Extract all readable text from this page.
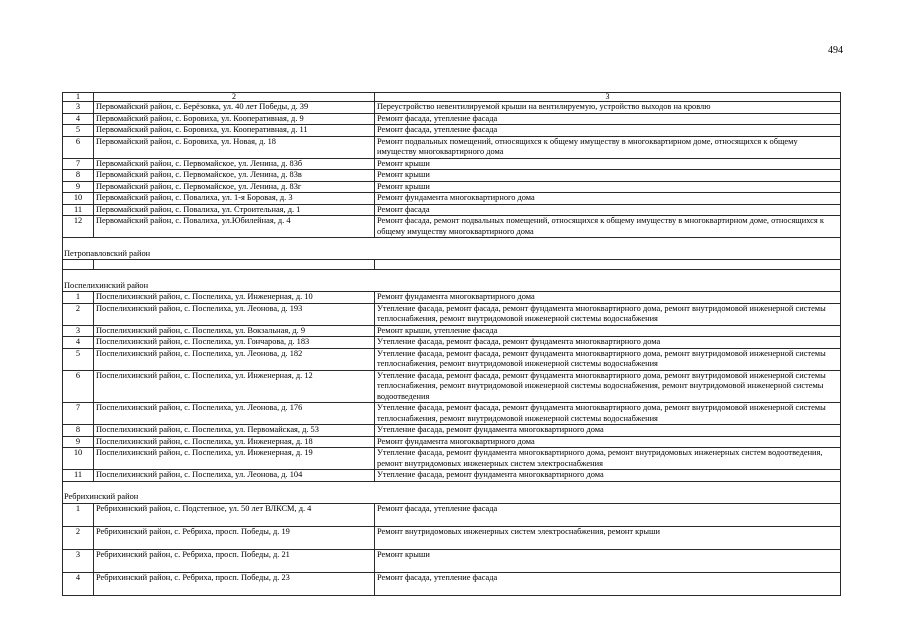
494
1	2	3
3	Первомайский район, с. Берёзовка, ул. 40 лет Победы, д. 39	Переустройство невентилируемой крыши на вентилируемую, устройство выходов на кровлю
4	Первомайский район, с. Боровиха, ул. Кооперативная, д. 9	Ремонт фасада, утепление фасада
5	Первомайский район, с. Боровиха, ул. Кооперативная, д. 11	Ремонт фасада, утепление фасада
6	Первомайский район, с. Боровиха, ул. Новая, д. 18	Ремонт подвальных помещений, относящихся к общему имуществу в многоквартирном доме, относящихся к общему имуществу многоквартирного дома
7	Первомайский район, с. Первомайское, ул. Ленина, д. 83б	Ремонт крыши
8	Первомайский район, с. Первомайское, ул. Ленина, д. 83в	Ремонт крыши
9	Первомайский район, с. Первомайское, ул. Ленина, д. 83г	Ремонт крыши
10	Первомайский район, с. Повалиха, ул. 1-я Боровая, д. 3	Ремонт фундамента многоквартирного дома
11	Первомайский район, с. Повалиха, ул. Строительная, д. 1	Ремонт фасада
12	Первомайский район, с. Повалиха, ул.Юбилейная, д. 4	Ремонт фасада, ремонт подвальных помещений, относящихся к общему имуществу в многоквартирном доме, относящихся к общему имуществу многоквартирного дома
Петропавловский район		

Поспелихинский район		
1	Поспелихинский район, с. Поспелиха, ул. Инженерная, д. 10	Ремонт фундамента многоквартирного дома
2	Поспелихинский район, с. Поспелиха, ул. Леонова, д. 193	Утепление фасада, ремонт фасада, ремонт фундамента многоквартирного дома, ремонт внутридомовой инженерной системы теплоснабжения, ремонт внутридомовой инженерной системы водоснабжения
3	Поспелихинский район, с. Поспелиха, ул. Вокзальная, д. 9	Ремонт крыши, утепление фасада
4	Поспелихинский район, с. Поспелиха, ул. Гончарова, д. 183	Утепление фасада, ремонт фасада, ремонт фундамента многоквартирного дома
5	Поспелихинский район, с. Поспелиха, ул. Леонова, д. 182	Утепление фасада, ремонт фасада, ремонт фундамента многоквартирного дома, ремонт внутридомовой инженерной системы теплоснабжения, ремонт внутридомовой инженерной системы водоснабжения
6	Поспелихинский район, с. Поспелиха, ул. Инженерная, д. 12	Утепление фасада, ремонт фасада, ремонт фундамента многоквартирного дома, ремонт внутридомовой инженерной системы теплоснабжения, ремонт внутридомовой инженерной системы водоснабжения, ремонт внутридомовой инженерной системы водоотведения
7	Поспелихинский район, с. Поспелиха, ул. Леонова, д. 176	Утепление фасада, ремонт фасада, ремонт фундамента многоквартирного дома, ремонт внутридомовой инженерной системы теплоснабжения, ремонт внутридомовой инженерной системы водоснабжения
8	Поспелихинский район, с. Поспелиха, ул. Первомайская, д. 53	Утепление фасада, ремонт фундамента многоквартирного дома
9	Поспелихинский район, с. Поспелиха, ул. Инженерная, д. 18	Ремонт фундамента многоквартирного дома
10	Поспелихинский район, с. Поспелиха, ул. Инженерная, д. 19	Утепление фасада, ремонт фундамента многоквартирного дома, ремонт внутридомовых инженерных систем водоотведения, ремонт внутридомовых инженерных систем электроснабжения
11	Поспелихинский район, с. Поспелиха, ул. Леонова, д. 104	Утепление фасада, ремонт фундамента многоквартирного дома
Ребрихинский район		
1	Ребрихинский район, с. Подстепное, ул. 50 лет ВЛКСМ, д. 4	Ремонт фасада, утепление фасада
2	Ребрихинский район, с. Ребриха, просп. Победы, д. 19	Ремонт внутридомовых инженерных систем электроснабжения, ремонт крыши
3	Ребрихинский район, с. Ребриха, просп. Победы, д. 21	Ремонт крыши
4	Ребрихинский район, с. Ребриха, просп. Победы, д. 23	Ремонт фасада, утепление фасада
